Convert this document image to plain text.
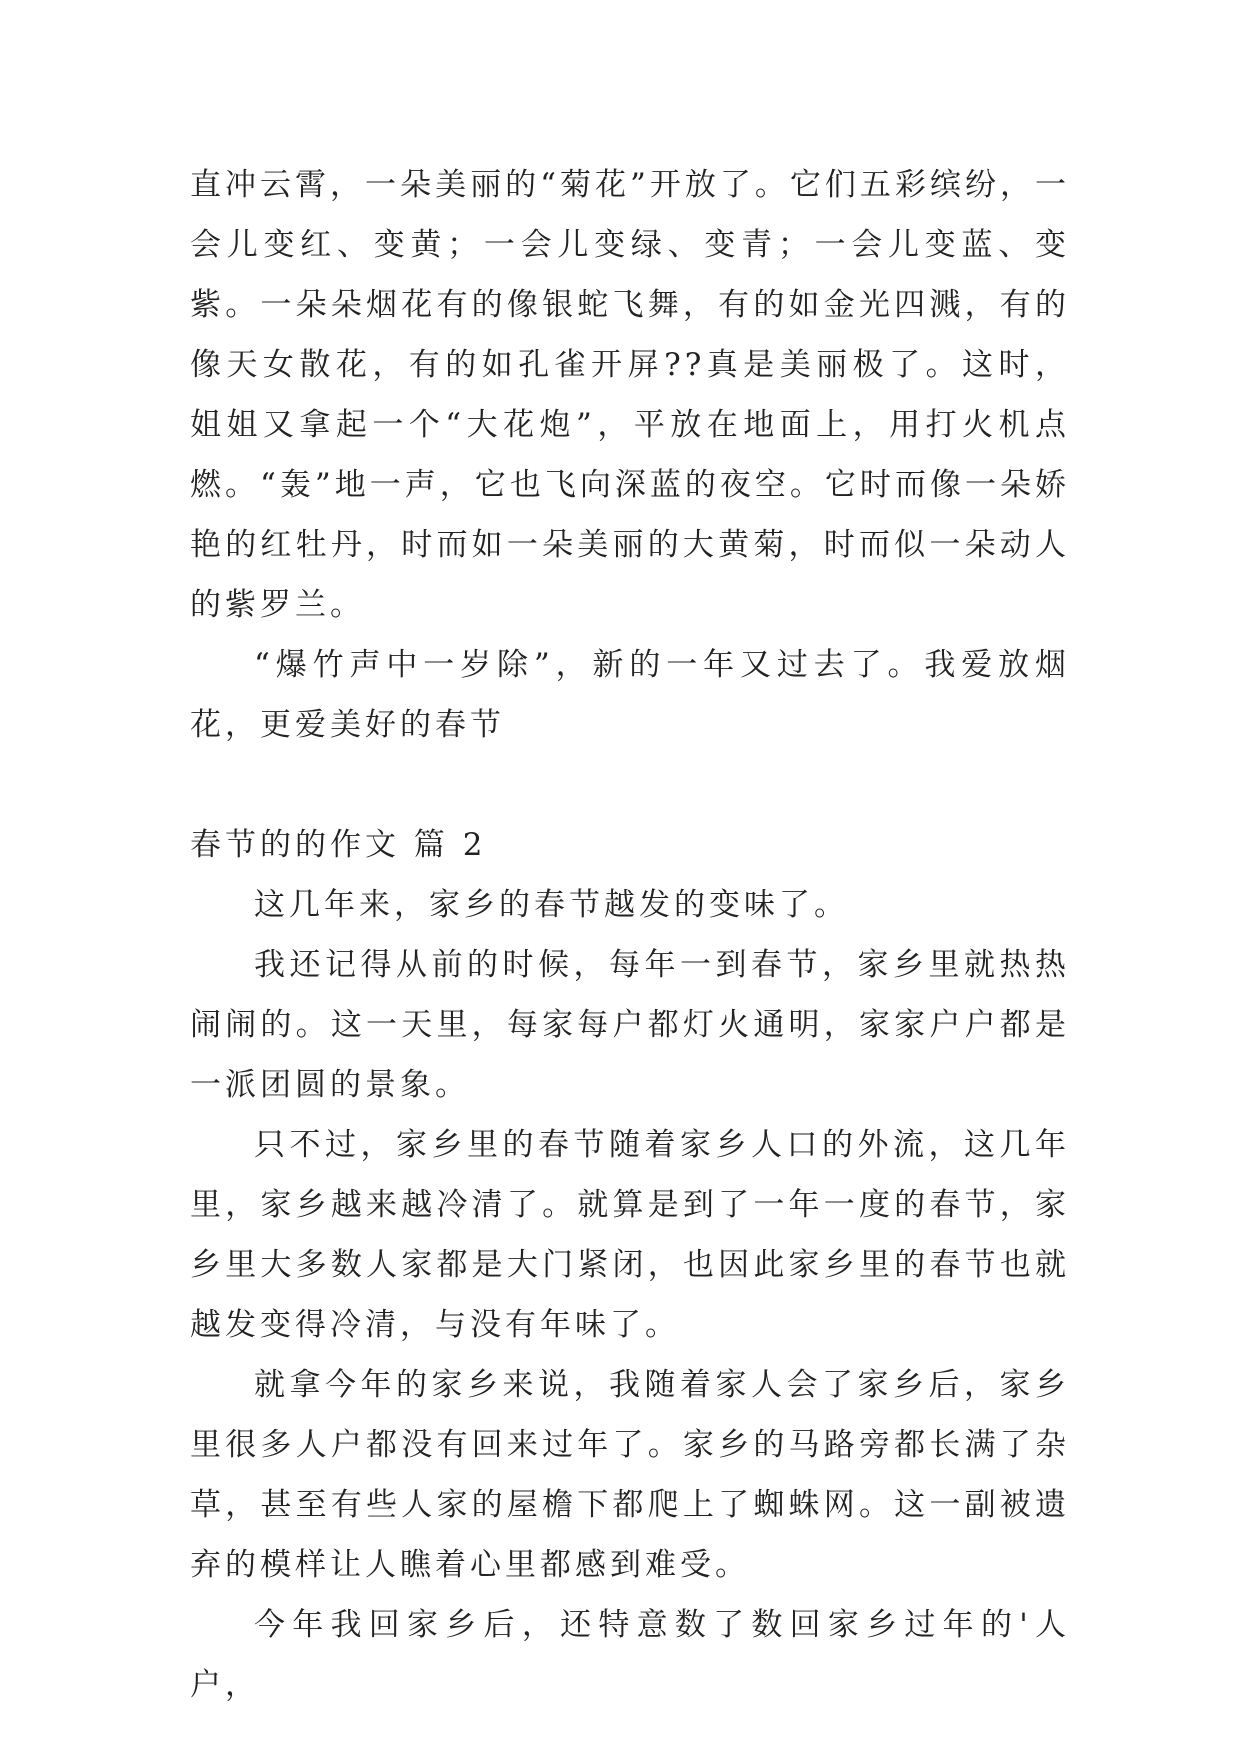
直冲云霄，一朵美丽的“菊花”开放了。它们五彩缤纷，一会儿变红、变黄；一会儿变绿、变青；一会儿变蓝、变紫。一朵朵烟花有的像银蛇飞舞，有的如金光四溅，有的像天女散花，有的如孔雀开屏??真是美丽极了。这时，姐姐又拿起一个“大花炮”，平放在地面上，用打火机点燃。“轰”地一声，它也飞向深蓝的夜空。它时而像一朵娇艳的红牡丹，时而如一朵美丽的大黄菊，时而似一朵动人的紫罗兰。

“爆竹声中一岁除”，新的一年又过去了。我爱放烟花，更爱美好的春节

春节的的作文 篇 2

这几年来，家乡的春节越发的变味了。

我还记得从前的时候，每年一到春节，家乡里就热热闹闹的。这一天里，每家每户都灯火通明，家家户户都是一派团圆的景象。

只不过，家乡里的春节随着家乡人口的外流，这几年里，家乡越来越冷清了。就算是到了一年一度的春节，家乡里大多数人家都是大门紧闭，也因此家乡里的春节也就越发变得冷清，与没有年味了。

就拿今年的家乡来说，我随着家人会了家乡后，家乡里很多人户都没有回来过年了。家乡的马路旁都长满了杂草，甚至有些人家的屋檐下都爬上了蜘蛛网。这一副被遗弃的模样让人瞧着心里都感到难受。

今年我回家乡后，还特意数了数回家乡过年的'人户，
